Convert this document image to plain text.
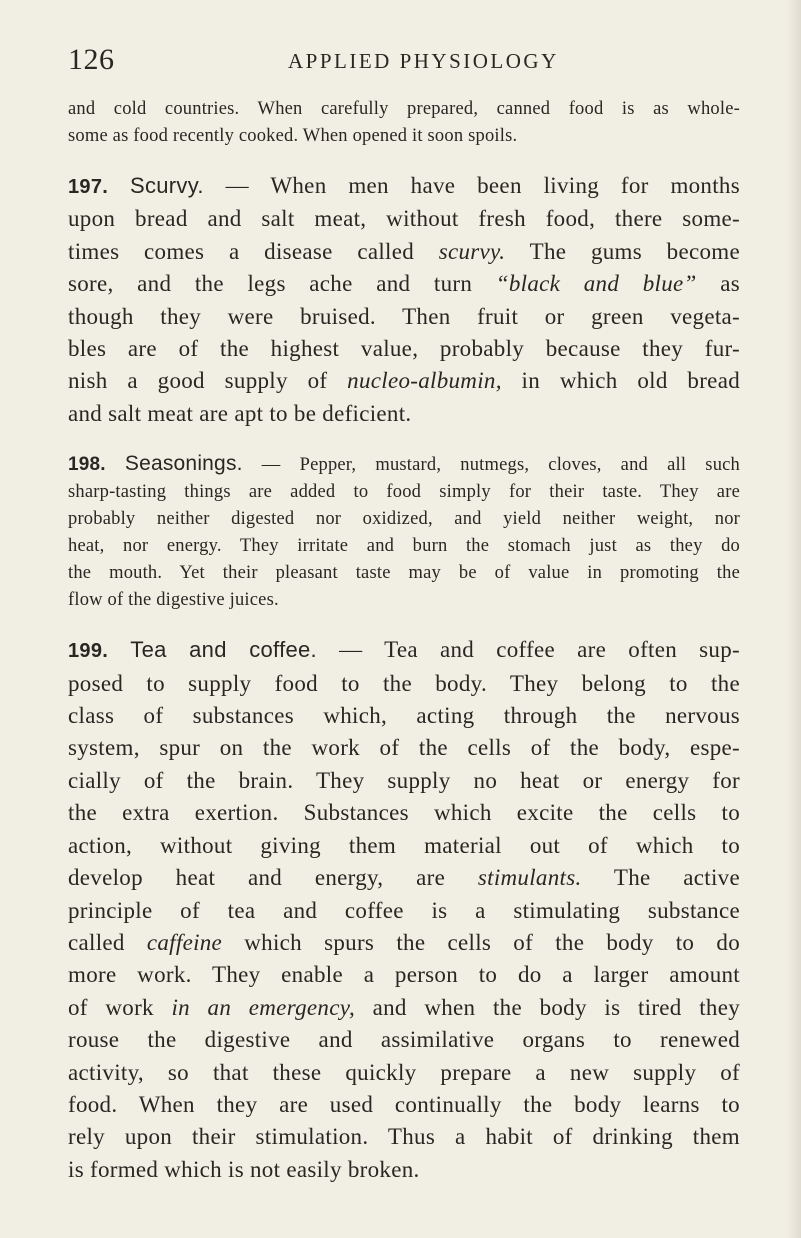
126	APPLIED PHYSIOLOGY

and cold countries. When carefully prepared, canned food is as whole-
some as food recently cooked. When opened it soon spoils.

197. Scurvy. — When men have been living for months
upon bread and salt meat, without fresh food, there some-
times comes a disease called scurvy. The gums become
sore, and the legs ache and turn “black and blue” as
though they were bruised. Then fruit or green vegeta-
bles are of the highest value, probably because they fur-
nish a good supply of nucleo-albumin, in which old bread
and salt meat are apt to be deficient.

198. Seasonings. — Pepper, mustard, nutmegs, cloves, and all such
sharp-tasting things are added to food simply for their taste. They are
probably neither digested nor oxidized, and yield neither weight, nor
heat, nor energy. They irritate and burn the stomach just as they do
the mouth. Yet their pleasant taste may be of value in promoting the
flow of the digestive juices.

199. Tea and coffee. — Tea and coffee are often sup-
posed to supply food to the body. They belong to the
class of substances which, acting through the nervous
system, spur on the work of the cells of the body, espe-
cially of the brain. They supply no heat or energy for
the extra exertion. Substances which excite the cells to
action, without giving them material out of which to
develop heat and energy, are stimulants. The active
principle of tea and coffee is a stimulating substance
called caffeine which spurs the cells of the body to do
more work. They enable a person to do a larger amount
of work in an emergency, and when the body is tired they
rouse the digestive and assimilative organs to renewed
activity, so that these quickly prepare a new supply of
food. When they are used continually the body learns to
rely upon their stimulation. Thus a habit of drinking them
is formed which is not easily broken.
